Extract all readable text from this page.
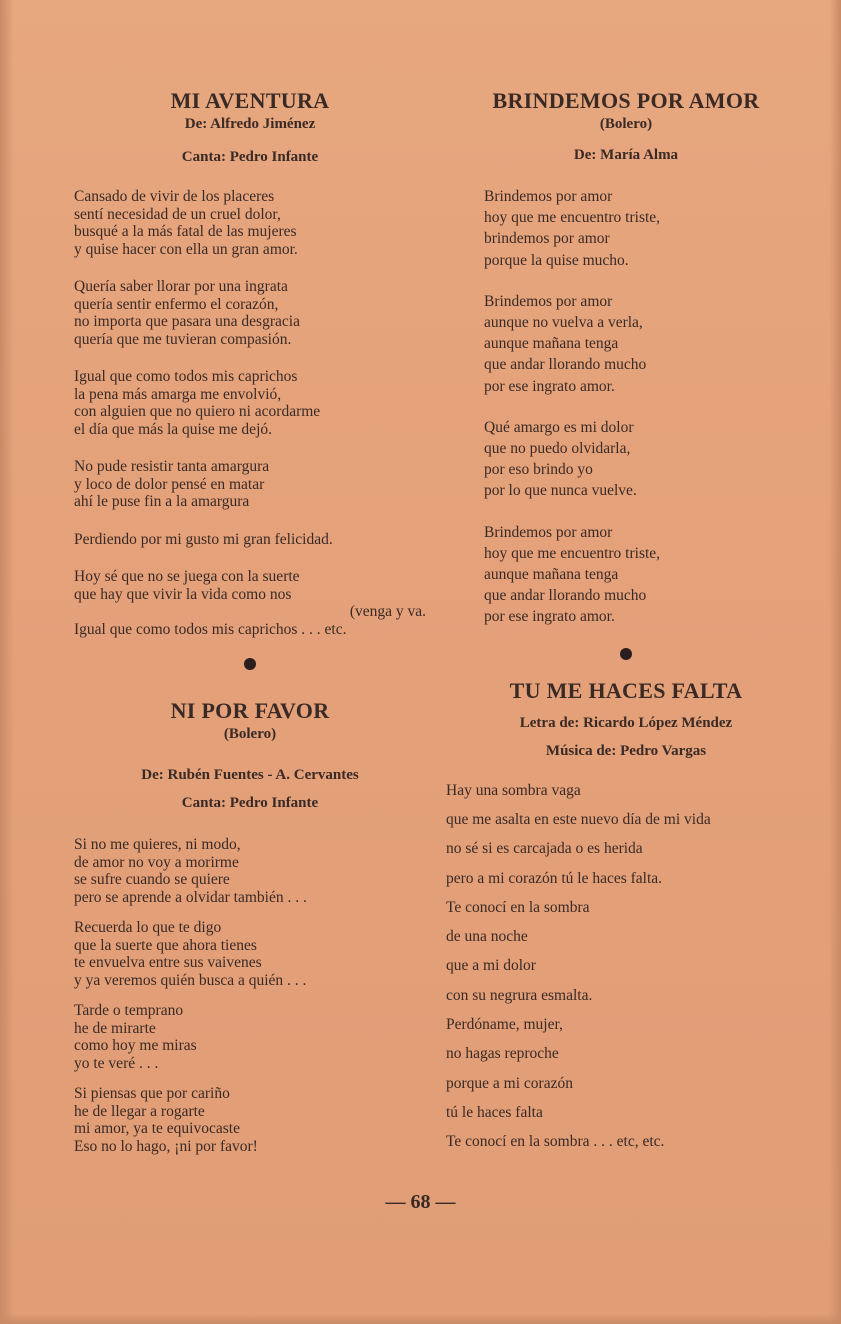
MI AVENTURA

De: Alfredo Jiménez

Canta: Pedro Infante

Cansado de vivir de los placeres
sentí necesidad de un cruel dolor,
busqué a la más fatal de las mujeres
y quise hacer con ella un gran amor.

Quería saber llorar por una ingrata
quería sentir enfermo el corazón,
no importa que pasara una desgracia
quería que me tuvieran compasión.

Igual que como todos mis caprichos
la pena más amarga me envolvió,
con alguien que no quiero ni acordarme
el día que más la quise me dejó.

No pude resistir tanta amargura
y loco de dolor pensé en matar
ahí le puse fin a la amargura

Perdiendo por mi gusto mi gran felicidad.

Hoy sé que no se juega con la suerte
que hay que vivir la vida como nos
(venga y va.
Igual que como todos mis caprichos . . . etc.

NI POR FAVOR

(Bolero)

De: Rubén Fuentes - A. Cervantes

Canta: Pedro Infante

Si no me quieres, ni modo,
de amor no voy a morirme
se sufre cuando se quiere
pero se aprende a olvidar también . . .

Recuerda lo que te digo
que la suerte que ahora tienes
te envuelva entre sus vaivenes
y ya veremos quién busca a quién . . .

Tarde o temprano
he de mirarte
como hoy me miras
yo te veré . . .

Si piensas que por cariño
he de llegar a rogarte
mi amor, ya te equivocaste
Eso no lo hago, ¡ni por favor!

BRINDEMOS POR AMOR

(Bolero)

De: María Alma

Brindemos por amor
hoy que me encuentro triste,
brindemos por amor
porque la quise mucho.

Brindemos por amor
aunque no vuelva a verla,
aunque mañana tenga
que andar llorando mucho
por ese ingrato amor.

Qué amargo es mi dolor
que no puedo olvidarla,
por eso brindo yo
por lo que nunca vuelve.

Brindemos por amor
hoy que me encuentro triste,
aunque mañana tenga
que andar llorando mucho
por ese ingrato amor.

TU ME HACES FALTA

Letra de: Ricardo López Méndez

Música de: Pedro Vargas

Hay una sombra vaga
que me asalta en este nuevo día de mi vida
no sé si es carcajada o es herida
pero a mi corazón tú le haces falta.
Te conocí en la sombra
de una noche
que a mi dolor
con su negrura esmalta.
Perdóname, mujer,
no hagas reproche
porque a mi corazón
tú le haces falta
Te conocí en la sombra . . . etc, etc.

— 68 —
